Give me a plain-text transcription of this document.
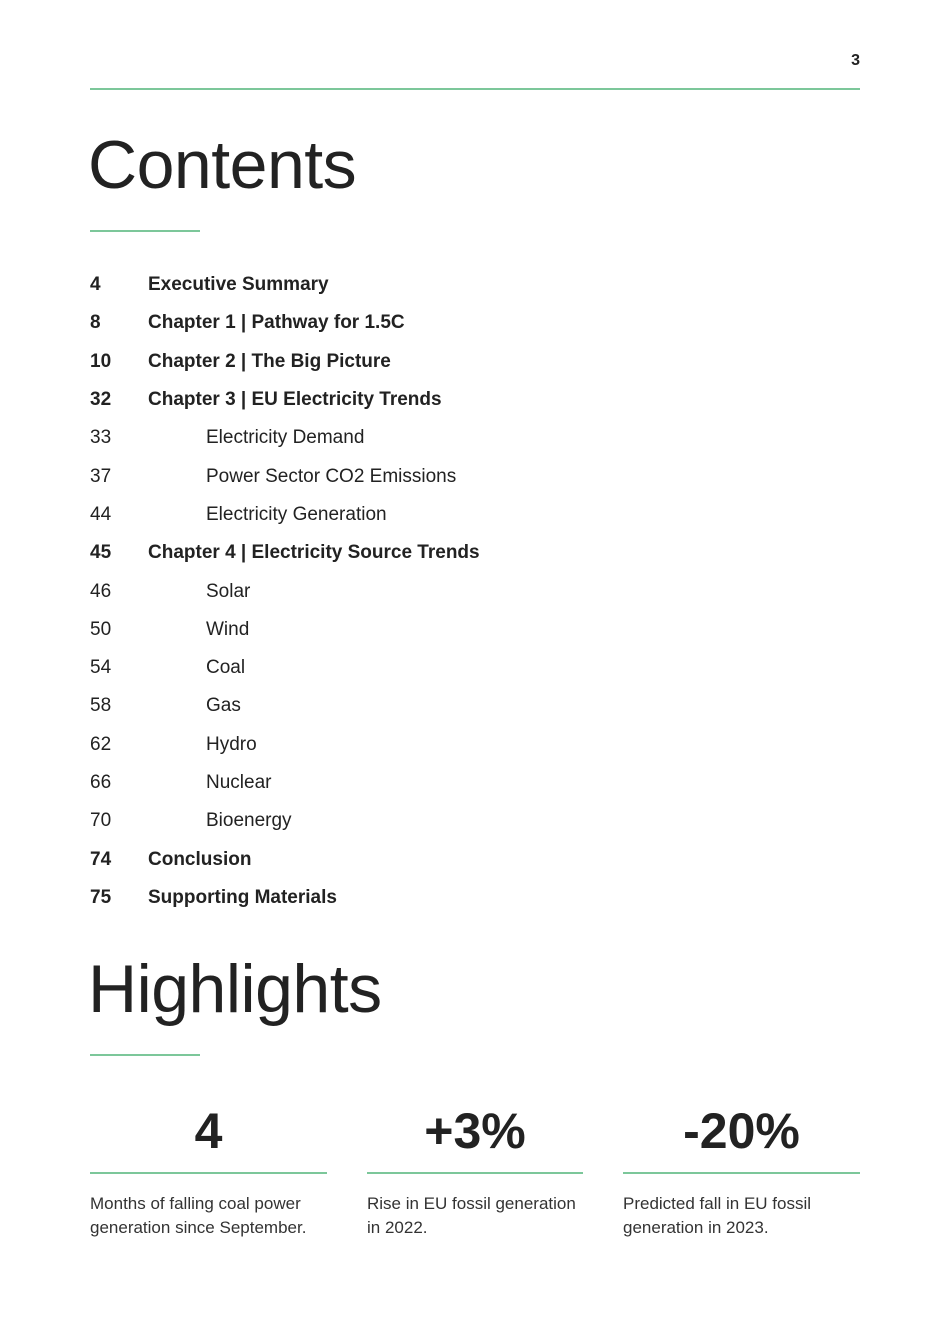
3
Contents
4	Executive Summary
8	Chapter 1 | Pathway for 1.5C
10	Chapter 2 | The Big Picture
32	Chapter 3 | EU Electricity Trends
33	Electricity Demand
37	Power Sector CO2 Emissions
44	Electricity Generation
45	Chapter 4 | Electricity Source Trends
46	Solar
50	Wind
54	Coal
58	Gas
62	Hydro
66	Nuclear
70	Bioenergy
74	Conclusion
75	Supporting Materials
Highlights
4
Months of falling coal power generation since September.
+3%
Rise in EU fossil generation in 2022.
-20%
Predicted fall in EU fossil generation in 2023.
